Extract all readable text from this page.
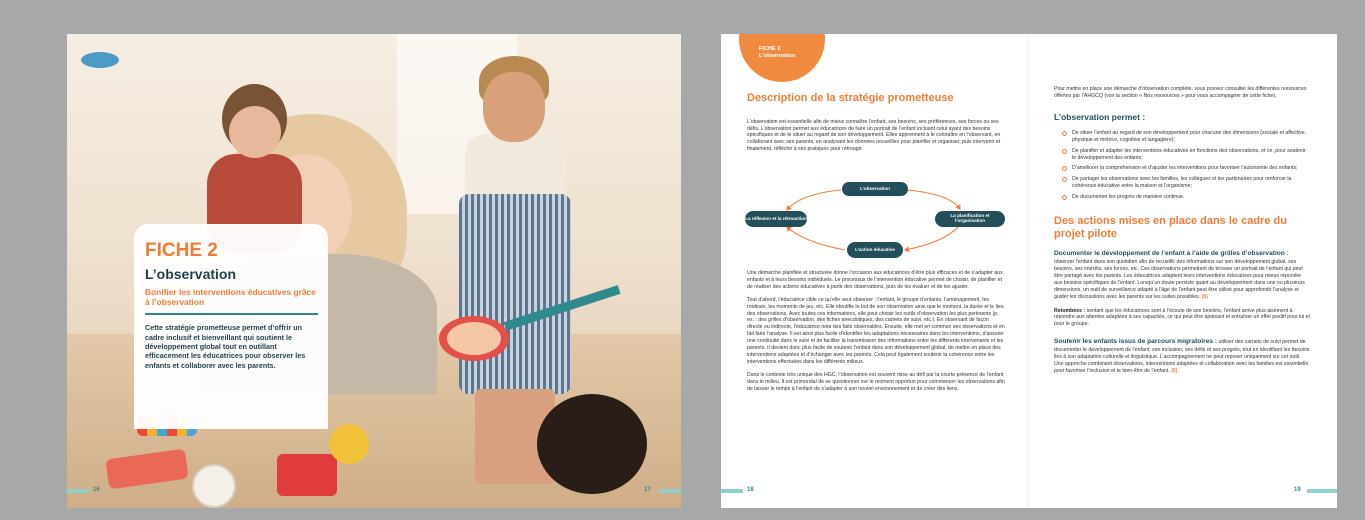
FICHE 2

L’observation

Bonifier les interventions éducatives grâce à l’observation

Cette stratégie prometteuse permet d’offrir un cadre inclusif et bienveillant qui soutient le développement global tout en outillant efficacement les éducatrices pour observer les enfants et collaborer avec les parents.

16	17
FICHE 2
L’observation

Description de la stratégie prometteuse

L’observation est essentielle afin de mieux connaître l’enfant, ses besoins, ses préférences, ses forces ou ses défis. L’observation permet aux éducatrices de faire un portrait de l’enfant incluant celui ayant des besoins spécifiques et de le situer au regard de son développement. Elles apprennent à le connaître en l’observant, en collaborant avec ses parents, en analysant les données recueillies pour planifier et organiser, puis intervenir et finalement, réfléchir à ses pratiques pour rétroagir.

L’observation
La réflexion et la rétroaction	La planification et l’organisation
L’action éducative

Une démarche planifiée et structurée donne l’occasion aux éducatrices d’être plus efficaces et de s’adapter aux enfants et à leurs besoins individuels. Le processus de l’intervention éducative permet de choisir, de planifier et de réaliser des actions éducatives à partir des observations, puis de les évaluer et de les ajuster.

Tout d’abord, l’éducatrice cible ce qu’elle veut observer : l’enfant, le groupe d’enfants, l’aménagement, les routines, les moments de jeu, etc. Elle identifie le but de son observation ainsi que le moment, la durée et le lieu des observations. Avec toutes ces informations, elle peut choisir les outils d’observation les plus pertinents (p. ex. : des grilles d’observation, des fiches anecdotiques, des carnets de suivi, etc.). En observant de façon directe ou indirecte, l’éducatrice note des faits observables. Ensuite, elle met en commun ses observations et en fait faire l’analyse. Il est ainsi plus facile d’identifier les adaptations nécessaires dans les interventions, d’assurer une continuité dans le suivi et de faciliter la transmission des informations entre les différents intervenants et les parents. Il devient donc plus facile de soutenir l’enfant dans son développement global, de mettre en place des interventions adaptées et d’échanger avec les parents. Cela peut également soutenir la cohérence entre les interventions effectuées dans les différents milieux.

Dans le contexte très unique des HGC, l’observation est souvent mise au défi par la courte présence de l’enfant dans le milieu. Il est primordial de se questionner sur le moment opportun pour commencer les observations afin de laisser le temps à l’enfant de s’adapter à son nouvel environnement et de créer des liens.

18

Pour mettre en place une démarche d’observation complète, vous pouvez consulter les différentes ressources offertes par l’AHGCQ (voir la section « Nos ressources » pour vous accompagner de cette fiche).

L’observation permet :

De situer l’enfant au regard de son développement pour chacune des dimensions (sociale et affective, physique et motrice, cognitive et langagière);
De planifier et adapter les interventions éducatives en fonctions des observations, et ce, pour soutenir le développement des enfants;
D’améliorer la compréhension et d’ajuster les interventions pour favoriser l’autonomie des enfants;
De partager les observations avec les familles, les collègues et les partenaires pour renforcer la cohérence éducative entre la maison et l’organisme;
De documenter les progrès de manière continue.

Des actions mises en place dans le cadre du projet pilote

Documenter le développement de l’enfant à l’aide de grilles d’observation : observer l’enfant dans son quotidien afin de recueillir des informations sur son développement global, ses besoins, ses intérêts, ses forces, etc. Ces observations permettent de brosser un portrait de l’enfant qui peut être partagé avec les parents. Les éducatrices adaptent leurs interventions éducatives pour mieux répondre aux besoins spécifiques de l’enfant. Lorsqu’un doute persiste quant au développement dans une ou plusieurs dimensions, un outil de surveillance adapté à l’âge de l’enfant peut être utilisé pour approfondir l’analyse et guider les discussions avec les parents sur les suites possibles. (5)

Retombées : sentant que les éducatrices sont à l’écoute de ses besoins, l’enfant arrive plus aisément à répondre aux attentes adaptées à ses capacités, ce qui peut être apaisant et entraîner un effet positif pour lui et pour le groupe.

Soutenir les enfants issus de parcours migratoires : utiliser des carnets de suivi permet de documenter le développement de l’enfant, son inclusion, ses défis et ses progrès, tout en identifiant les besoins liés à son adaptation culturelle et linguistique. L’accompagnement ne peut reposer uniquement sur cet outil. Une approche combinant observations, interventions adaptées et collaboration avec les familles est essentielle pour favoriser l’inclusion et le bien-être de l’enfant. (5)

19
